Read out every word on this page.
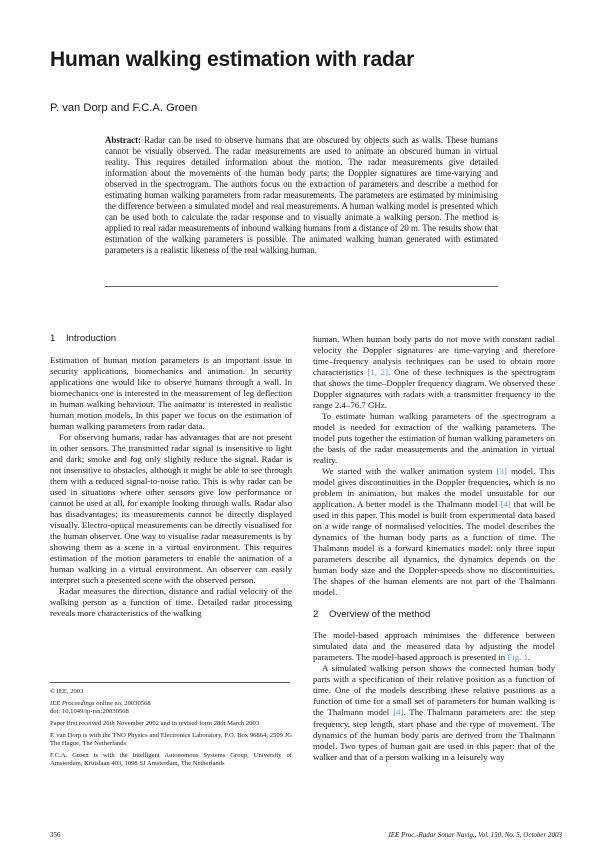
Human walking estimation with radar
P. van Dorp and F.C.A. Groen
Abstract: Radar can be used to observe humans that are obscured by objects such as walls. These humans cannot be visually observed. The radar measurements are used to animate an obscured human in virtual reality. This requires detailed information about the motion. The radar measurements give detailed information about the movements of the human body parts; the Doppler signatures are time-varying and observed in the spectrogram. The authors focus on the extraction of parameters and describe a method for estimating human walking parameters from radar measurements. The parameters are estimated by minimising the difference between a simulated model and real measurements. A human walking model is presented which can be used both to calculate the radar response and to visually animate a walking person. The method is applied to real radar measurements of inbound walking humans from a distance of 20 m. The results show that estimation of the walking parameters is possible. The animated walking human generated with estimated parameters is a realistic likeness of the real walking human.
1 Introduction

Estimation of human motion parameters is an important issue in security applications, biomechanics and animation. In security applications one would like to observe humans through a wall. In biomechanics one is interested in the measurement of leg deflection in human walking behaviour. The animator is interested in realistic human motion models. In this paper we focus on the estimation of human walking parameters from radar data.

For observing humans, radar has advantages that are not present in other sensors. The transmitted radar signal is insensitive to light and dark; smoke and fog only slightly reduce the signal. Radar is not insensitive to obstacles, although it might be able to see through them with a reduced signal-to-noise ratio. This is why radar can be used in situations where other sensors give low performance or cannot be used at all, for example looking through walls. Radar also has disadvantages; its measurements cannot be directly displayed visually. Electro-optical measurements can be directly visualised for the human observer. One way to visualise radar measurements is by showing them as a scene in a virtual environment. This requires estimation of the motion parameters to enable the animation of a human walking in a virtual environment. An observer can easily interpret such a presented scene with the observed person.

Radar measures the direction, distance and radial velocity of the walking person as a function of time. Detailed radar processing reveals more characteristics of the walking

© IEE, 2003

IEE Proceedings online no. 20030568

doi: 10.1049/ip-rsn:20030568

Paper first received 26th November 2002 and in revised form 28th March 2003

P. van Dorp is with the TNO Physics and Electronics Laboratory, P.O. Box 96864, 2509 JG The Hague, The Netherlands

F.C.A. Groen is with the Intelligent Autonomous Systems Group, University of Amsterdam, Kruislaan 403, 1098 SJ Amsterdam, The Netherlands

human. When human body parts do not move with constant radial velocity the Doppler signatures are time-varying and therefore time–frequency analysis techniques can be used to obtain more characteristics [1, 2]. One of these techniques is the spectrogram that shows the time–Doppler frequency diagram. We observed these Doppler signatures with radars with a transmitter frequency in the range 2.4–76.7 GHz.

To estimate human walking parameters of the spectrogram a model is needed for extraction of the walking parameters. The model puts together the estimation of human walking parameters on the basis of the radar measurements and the animation in virtual reality.

We started with the walker animation system [3] model. This model gives discontinuities in the Doppler frequencies, which is no problem in animation, but makes the model unsuitable for our application. A better model is the Thalmann model [4] that will be used in this paper. This model is built from experimental data based on a wide range of normalised velocities. The model describes the dynamics of the human body parts as a function of time. The Thalmann model is a forward kinematics model: only three input parameters describe all dynamics, the dynamics depends on the human body size and the Doppler-speeds show no discontinuities. The shapes of the human elements are not part of the Thalmann model.

2 Overview of the method

The model-based approach minimises the difference between simulated data and the measured data by adjusting the model parameters. The model-based approach is presented in Fig. 1.

A simulated walking person shows the connected human body parts with a specification of their relative position as a function of time. One of the models describing these relative positions as a function of time for a small set of parameters for human walking is the Thalmann model [4]. The Thalmann parameters are: the step frequency, step length, start phase and the type of movement. The dynamics of the human body parts are derived from the Thalmann model. Two types of human gait are used in this paper: that of the walker and that of a person walking in a leisurely way

356	IEE Proc.-Radar Sonar Navig., Vol. 150, No. 5, October 2003
